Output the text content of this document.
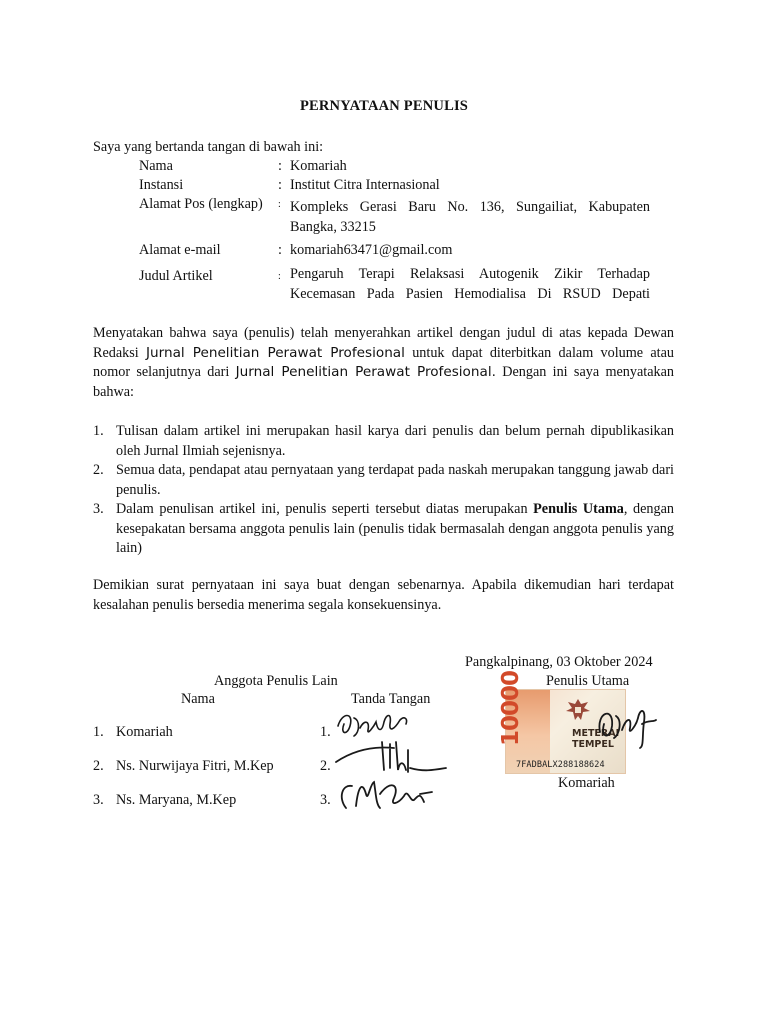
PERNYATAAN PENULIS
Saya yang bertanda tangan di bawah ini:
Nama	: Komariah
Instansi	: Institut Citra Internasional
Alamat Pos (lengkap) : Kompleks Gerasi Baru No. 136, Sungailiat, Kabupaten
Bangka, 33215
Alamat e-mail	: komariah63471@gmail.com
Judul Artikel	: Pengaruh Terapi Relaksasi Autogenik Zikir Terhadap
Kecemasan Pada Pasien Hemodialisa Di RSUD Depati
Menyatakan bahwa saya (penulis) telah menyerahkan artikel dengan judul di atas kepada Dewan Redaksi Jurnal Penelitian Perawat Profesional untuk dapat diterbitkan dalam volume atau nomor selanjutnya dari Jurnal Penelitian Perawat Profesional. Dengan ini saya menyatakan bahwa:
1. Tulisan dalam artikel ini merupakan hasil karya dari penulis dan belum pernah dipublikasikan oleh Jurnal Ilmiah sejenisnya.
2. Semua data, pendapat atau pernyataan yang terdapat pada naskah merupakan tanggung jawab dari penulis.
3. Dalam penulisan artikel ini, penulis seperti tersebut diatas merupakan Penulis Utama, dengan kesepakatan bersama anggota penulis lain (penulis tidak bermasalah dengan anggota penulis yang lain)
Demikian surat pernyataan ini saya buat dengan sebenarnya. Apabila dikemudian hari terdapat kesalahan penulis bersedia menerima segala konsekuensinya.
Pangkalpinang, 03 Oktober 2024
Anggota Penulis Lain
Nama	Tanda Tangan
1. Komariah	1.
2. Ns. Nurwijaya Fitri, M.Kep	2.
3. Ns. Maryana, M.Kep	3.
Penulis Utama
10000	METERAI
TEMPEL
7FADBALX288188624
Komariah
